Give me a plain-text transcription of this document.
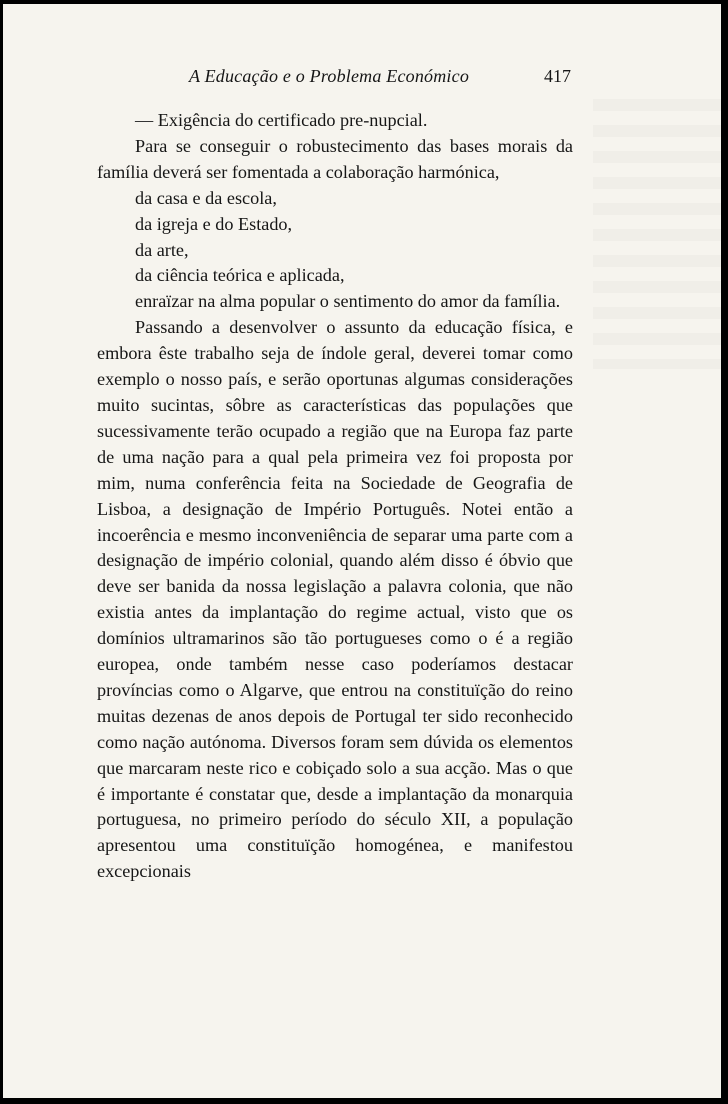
A Educação e o Problema Económico	417

— Exigência do certificado pre-nupcial.

Para se conseguir o robustecimento das bases morais da família deverá ser fomentada a colaboração harmónica,

da casa e da escola,
da igreja e do Estado,
da arte,
da ciência teórica e aplicada,
enraïzar na alma popular o sentimento do amor da família.

Passando a desenvolver o assunto da educação física, e embora êste trabalho seja de índole geral, deverei tomar como exemplo o nosso país, e serão oportunas algumas considerações muito sucintas, sôbre as características das populações que sucessivamente terão ocupado a região que na Europa faz parte de uma nação para a qual pela primeira vez foi proposta por mim, numa conferência feita na Sociedade de Geografia de Lisboa, a designação de Império Português. Notei então a incoerência e mesmo inconveniência de separar uma parte com a designação de império colonial, quando além disso é óbvio que deve ser banida da nossa legislação a palavra colonia, que não existia antes da implantação do regime actual, visto que os domínios ultramarinos são tão portugueses como o é a região europea, onde também nesse caso poderíamos destacar províncias como o Algarve, que entrou na constituïção do reino muitas dezenas de anos depois de Portugal ter sido reconhecido como nação autónoma. Diversos foram sem dúvida os elementos que marcaram neste rico e cobiçado solo a sua acção. Mas o que é importante é constatar que, desde a implantação da monarquia portuguesa, no primeiro período do século XII, a população apresentou uma constituïção homogénea, e manifestou excepcionais
